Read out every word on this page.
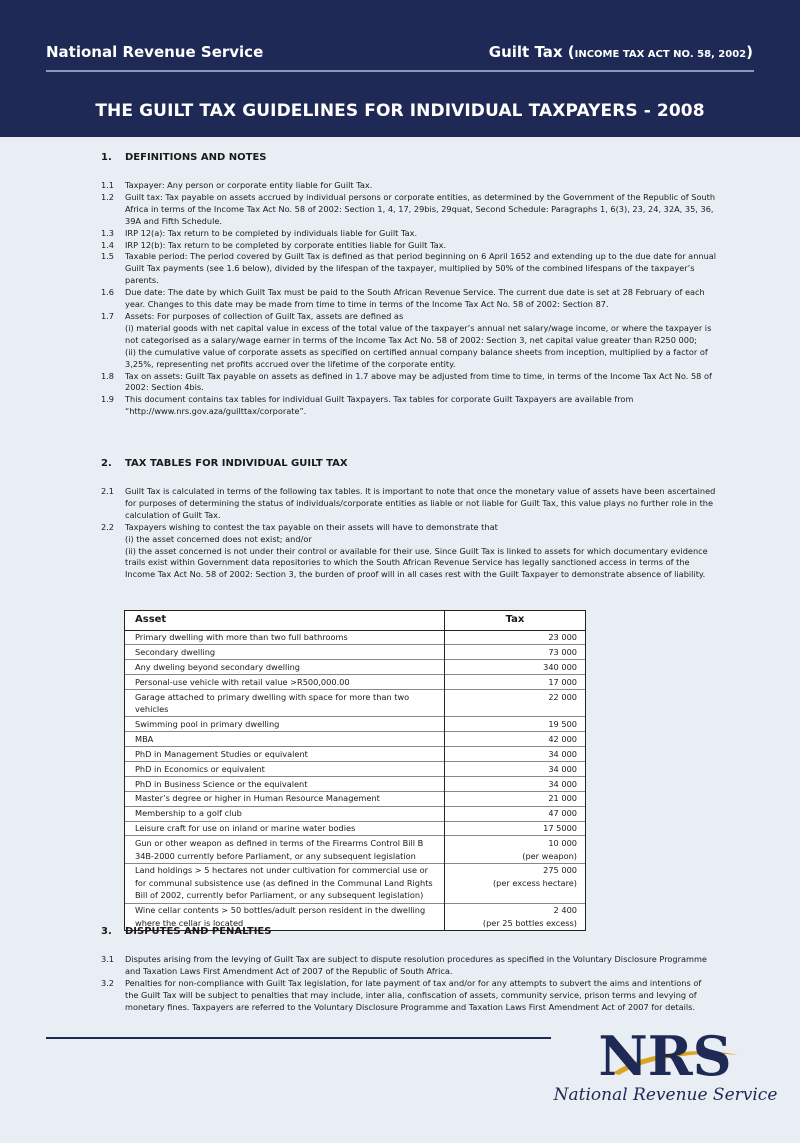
National Revenue Service	Guilt Tax (INCOME TAX ACT NO. 58, 2002)
THE GUILT TAX GUIDELINES FOR INDIVIDUAL TAXPAYERS - 2008
1. DEFINITIONS AND NOTES
1.1 Taxpayer: Any person or corporate entity liable for Guilt Tax.
1.2 Guilt tax: Tax payable on assets accrued by individual persons or corporate entities, as determined by the Government of the Republic of South Africa in terms of the Income Tax Act No. 58 of 2002: Section 1, 4, 17, 29bis, 29quat, Second Schedule: Paragraphs 1, 6(3), 23, 24, 32A, 35, 36, 39A and Fifth Schedule.
1.3 IRP 12(a): Tax return to be completed by individuals liable for Guilt Tax.
1.4 IRP 12(b): Tax return to be completed by corporate entities liable for Guilt Tax.
1.5 Taxable period: The period covered by Guilt Tax is defined as that period beginning on 6 April 1652 and extending up to the due date for annual Guilt Tax payments (see 1.6 below), divided by the lifespan of the taxpayer, multiplied by 50% of the combined lifespans of the taxpayer’s parents.
1.6 Due date: The date by which Guilt Tax must be paid to the South African Revenue Service. The current due date is set at 28 February of each year. Changes to this date may be made from time to time in terms of the Income Tax Act No. 58 of 2002: Section 87.
1.7 Assets: For purposes of collection of Guilt Tax, assets are defined as
(i) material goods with net capital value in excess of the total value of the taxpayer’s annual net salary/wage income, or where the taxpayer is not categorised as a salary/wage earner in terms of the Income Tax Act No. 58 of 2002: Section 3, net capital value greater than R250 000;
(ii) the cumulative value of corporate assets as specified on certified annual company balance sheets from inception, multiplied by a factor of 3,25%, representing net profits accrued over the lifetime of the corporate entity.
1.8 Tax on assets: Guilt Tax payable on assets as defined in 1.7 above may be adjusted from time to time, in terms of the Income Tax Act No. 58 of 2002: Section 4bis.
1.9 This document contains tax tables for individual Guilt Taxpayers. Tax tables for corporate Guilt Taxpayers are available from “http://www.nrs.gov.aza/guilttax/corporate”.
2. TAX TABLES FOR INDIVIDUAL GUILT TAX
2.1 Guilt Tax is calculated in terms of the following tax tables. It is important to note that once the monetary value of assets have been ascertained for purposes of determining the status of individuals/corporate entities as liable or not liable for Guilt Tax, this value plays no further role in the calculation of Guilt Tax.
2.2 Taxpayers wishing to contest the tax payable on their assets will have to demonstrate that
(i) the asset concerned does not exist; and/or
(ii) the asset concerned is not under their control or available for their use. Since Guilt Tax is linked to assets for which documentary evidence trails exist within Government data repositories to which the South African Revenue Service has legally sanctioned access in terms of the Income Tax Act No. 58 of 2002: Section 3, the burden of proof will in all cases rest with the Guilt Taxpayer to demonstrate absence of liability.
Asset	Tax
Primary dwelling with more than two full bathrooms	23 000
Secondary dwelling	73 000
Any dweling beyond secondary dwelling	340 000
Personal-use vehicle with retail value >R500,000.00	17 000
Garage attached to primary dwelling with space for more than two vehicles	22 000
Swimming pool in primary dwelling	19 500
MBA	42 000
PhD in Management Studies or equivalent	34 000
PhD in Economics or equivalent	34 000
PhD in Business Science or the equivalent	34 000
Master’s degree or higher in Human Resource Management	21 000
Membership to a golf club	47 000
Leisure craft for use on inland or marine water bodies	17 5000
Gun or other weapon as defined in terms of the Firearms Control Bill B 34B-2000 currently before Parliament, or any subsequent legislation	10 000
(per weapon)
Land holdings > 5 hectares not under cultivation for commercial use or for communal subsistence use (as defined in the Communal Land Rights Bill of 2002, currently befor Parliament, or any subsequent legislation)	275 000
(per excess hectare)
Wine cellar contents > 50 bottles/adult person resident in the dwelling where the cellar is located	2 400
(per 25 bottles excess)
3. DISPUTES AND PENALTIES
3.1 Disputes arising from the levying of Guilt Tax are subject to dispute resolution procedures as specified in the Voluntary Disclosure Programme and Taxation Laws First Amendment Act of 2007 of the Republic of South Africa.
3.2 Penalties for non-compliance with Guilt Tax legislation, for late payment of tax and/or for any attempts to subvert the aims and intentions of the Guilt Tax will be subject to penalties that may include, inter alia, confiscation of assets, community service, prison terms and levying of monetary fines. Taxpayers are referred to the Voluntary Disclosure Programme and Taxation Laws First Amendment Act of 2007 for details.
NRS
National Revenue Service
